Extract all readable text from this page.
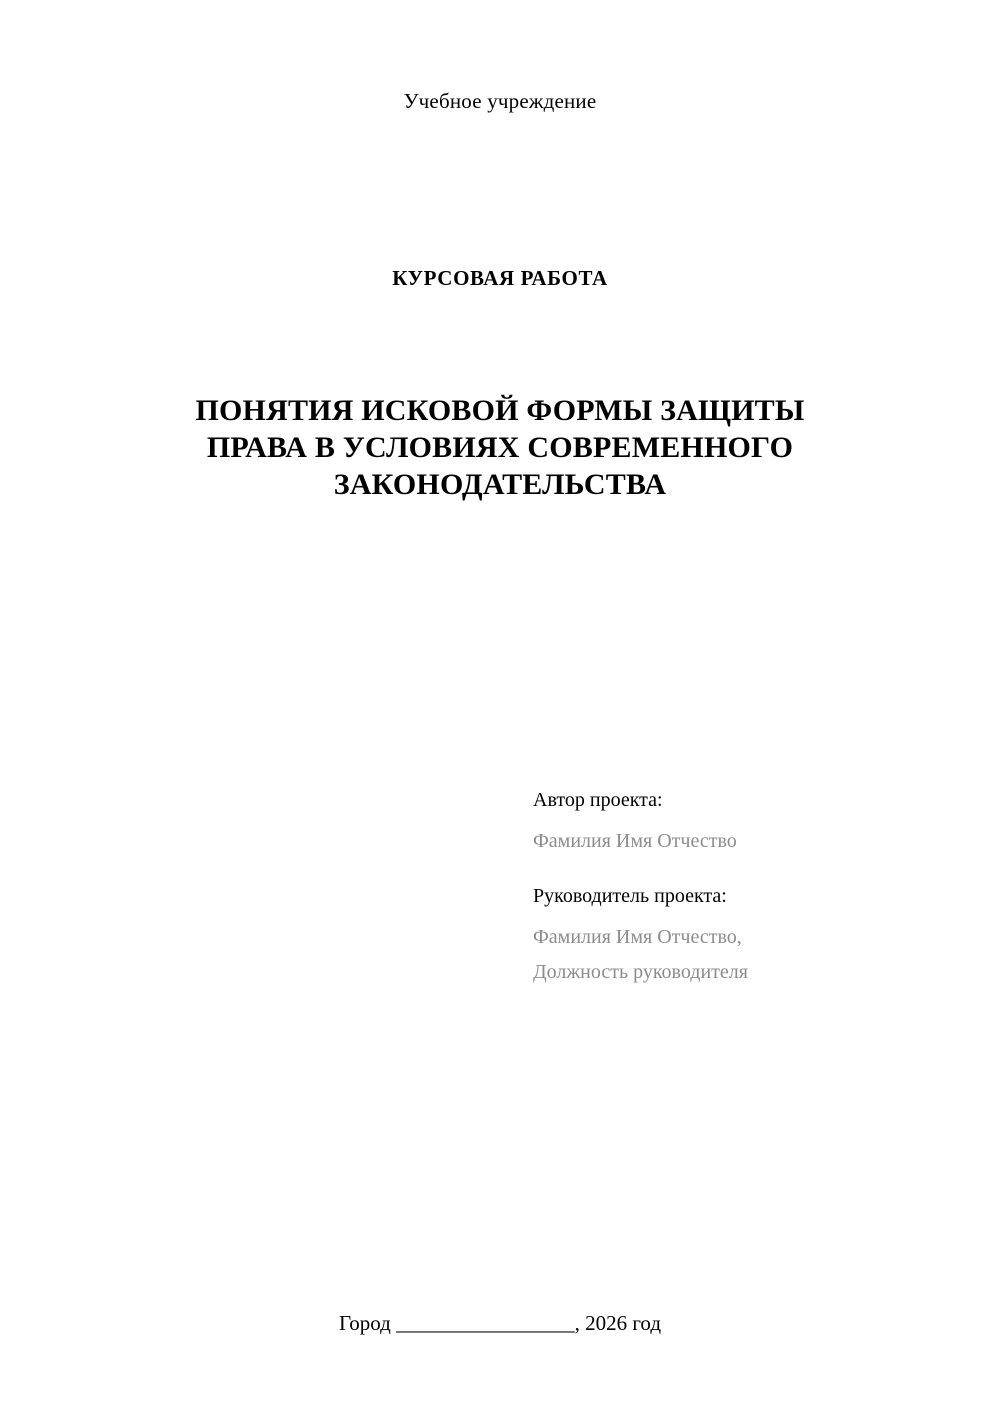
Учебное учреждение
КУРСОВАЯ РАБОТА
ПОНЯТИЯ ИСКОВОЙ ФОРМЫ ЗАЩИТЫ ПРАВА В УСЛОВИЯХ СОВРЕМЕННОГО ЗАКОНОДАТЕЛЬСТВА
Автор проекта:
Фамилия Имя Отчество
Руководитель проекта:
Фамилия Имя Отчество,
Должность руководителя
Город _________________, 2026 год
